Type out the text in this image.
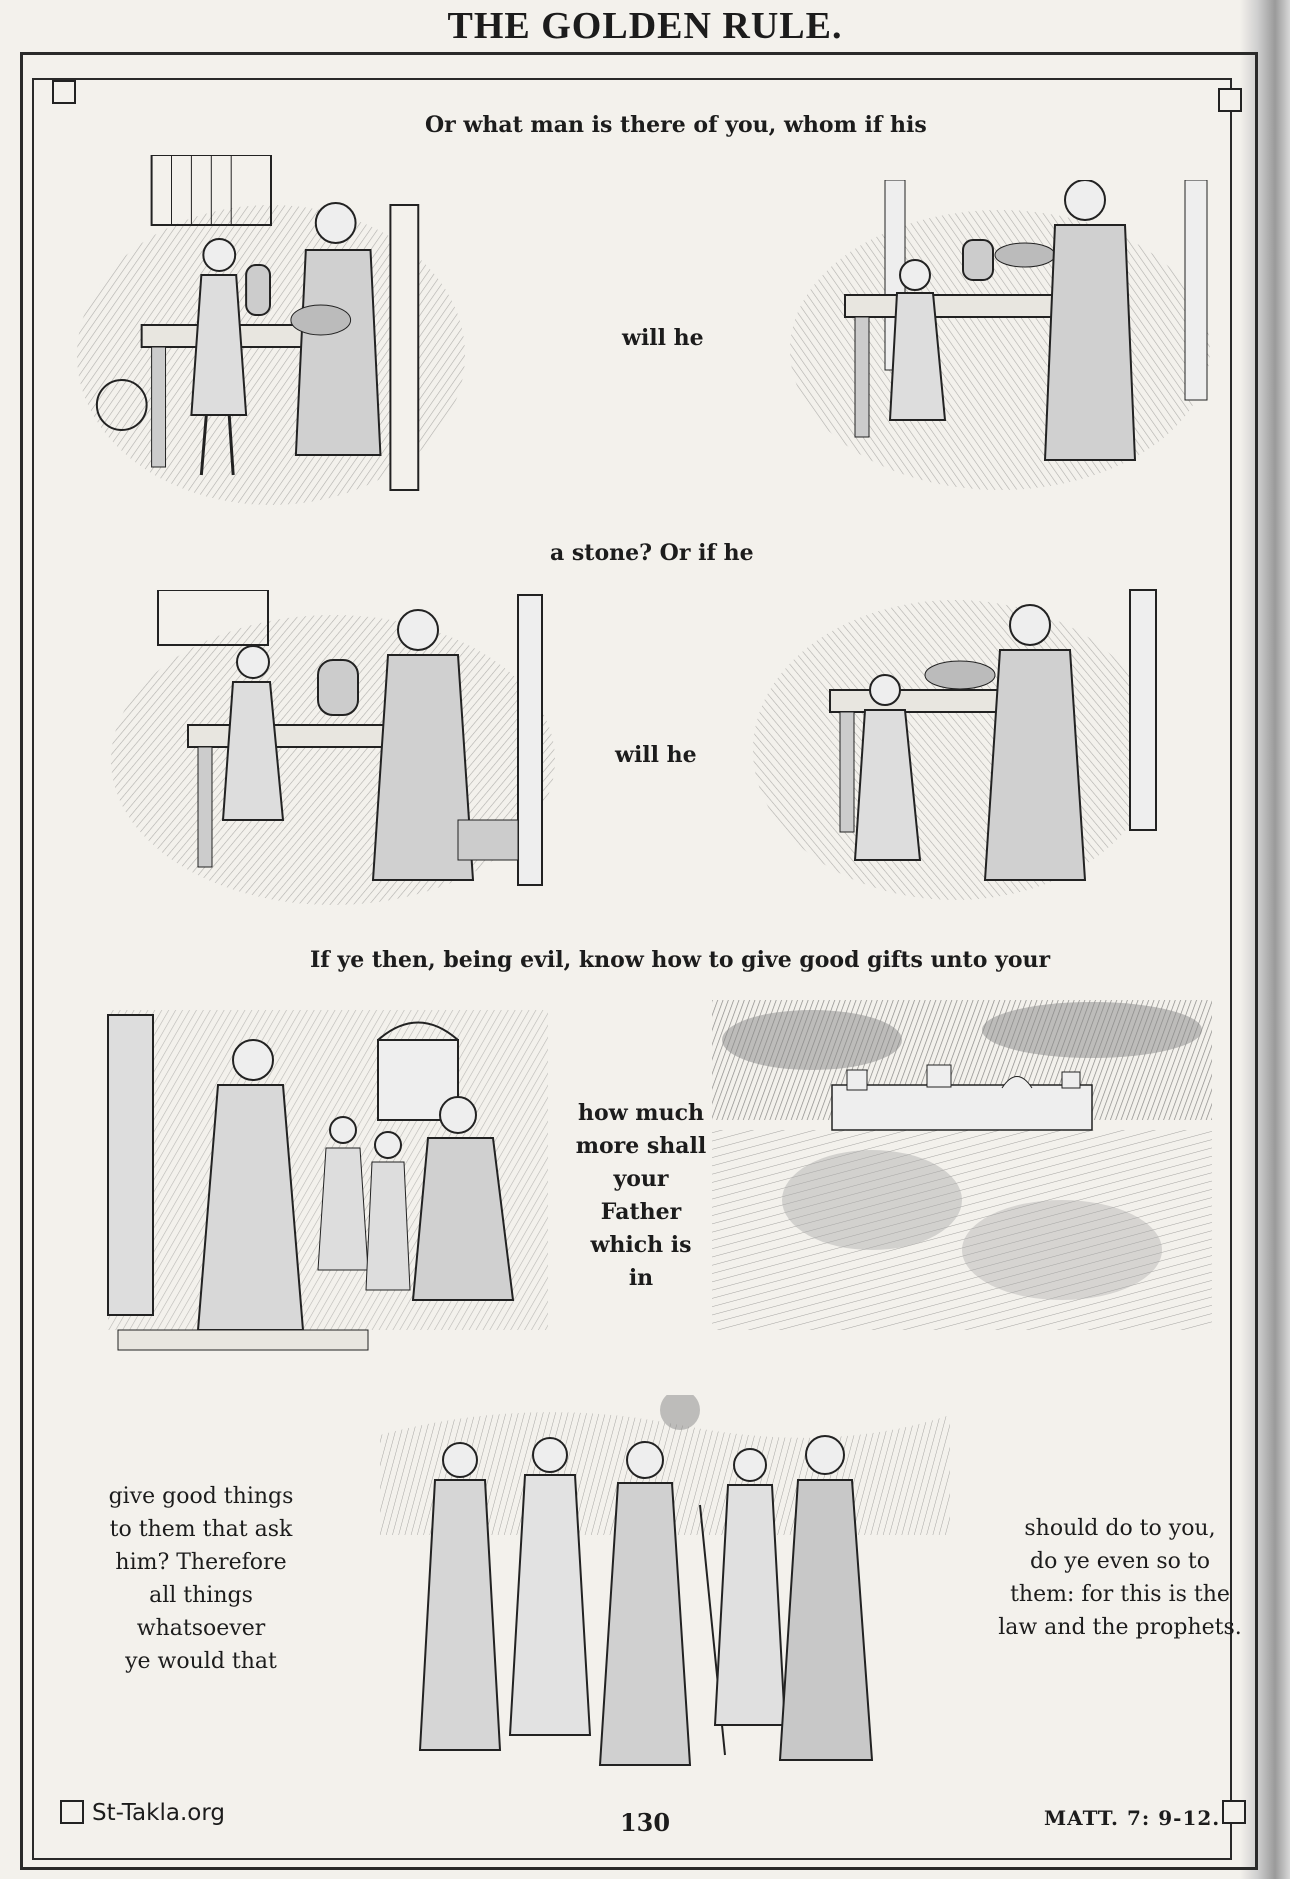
THE GOLDEN RULE.
Or what man is there of you, whom if his
will he
a stone? Or if he
will he
If ye then, being evil, know how to give good gifts unto your
how much
more shall
your
Father
which is in
give good things
to them that ask
him? Therefore
all things
whatsoever
ye would that
should do to you,
do ye even so to
them: for this is the
law and the prophets.
St-Takla.org	130	MATT. 7: 9-12.
